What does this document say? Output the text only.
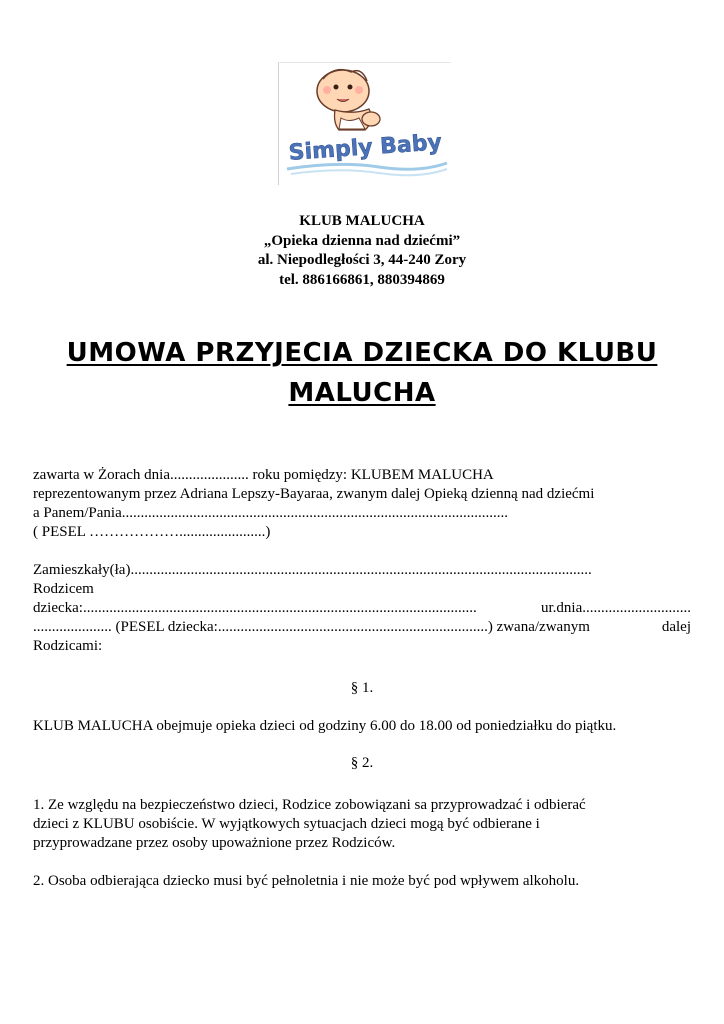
Simply Baby
KLUB MALUCHA
„Opieka dzienna nad dziećmi”
al. Niepodległości 3, 44-240 Zory
tel. 886166861, 880394869
UMOWA PRZYJECIA DZIECKA DO KLUBU
MALUCHA
zawarta w Żorach dnia..................... roku pomiędzy: KLUBEM MALUCHA
reprezentowanym przez Adriana Lepszy-Bayaraa, zwanym dalej Opieką dzienną nad dziećmi
a Panem/Pania.......................................................................................................
( PESEL ……………….......................)
Zamieszkały(ła)...........................................................................................................................
Rodzicem
dziecka:.........................................................................................................	ur.dnia.............................
..................... (PESEL dziecka:........................................................................) zwana/zwanym	dalej
Rodzicami:
§ 1.
KLUB MALUCHA obejmuje opieka dzieci od godziny 6.00 do 18.00 od poniedziałku do piątku.
§ 2.
1. Ze względu na bezpieczeństwo dzieci, Rodzice zobowiązani sa przyprowadzać i odbierać
dzieci z KLUBU osobiście. W wyjątkowych sytuacjach dzieci mogą być odbierane i
przyprowadzane przez osoby upoważnione przez Rodziców.
2. Osoba odbierająca dziecko musi być pełnoletnia i nie może być pod wpływem alkoholu.
